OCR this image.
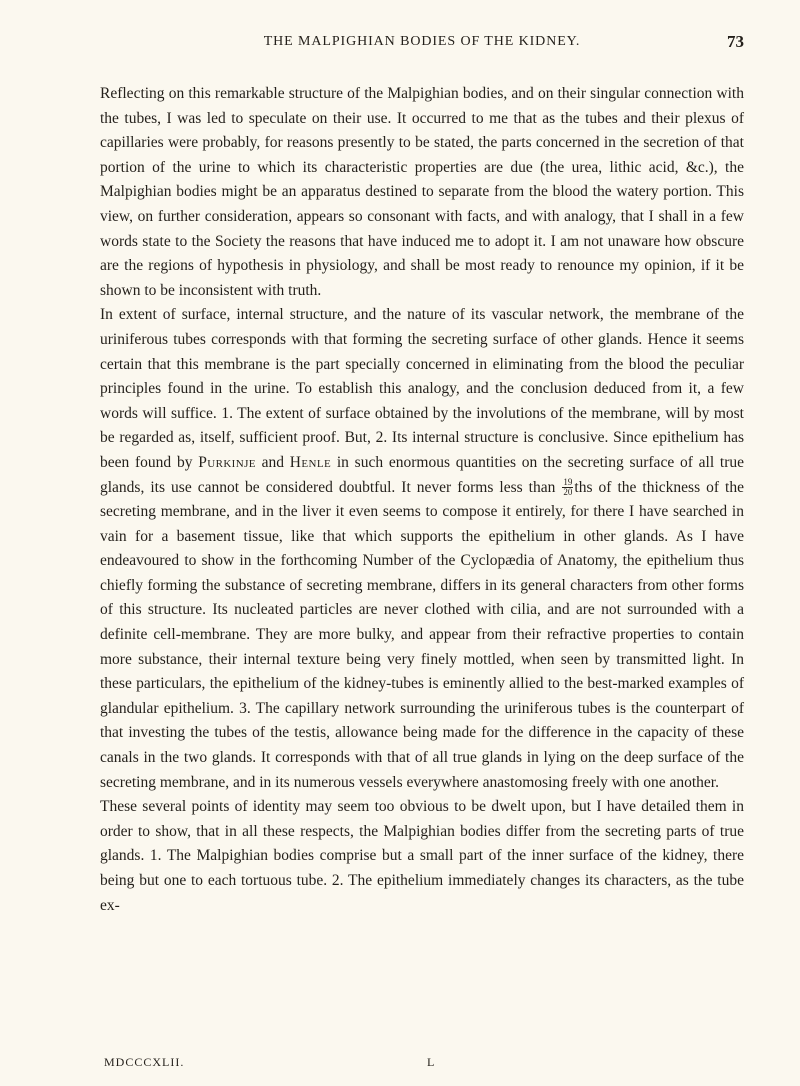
THE MALPIGHIAN BODIES OF THE KIDNEY.	73

Reflecting on this remarkable structure of the Malpighian bodies, and on their singular connection with the tubes, I was led to speculate on their use. It occurred to me that as the tubes and their plexus of capillaries were probably, for reasons presently to be stated, the parts concerned in the secretion of that portion of the urine to which its characteristic properties are due (the urea, lithic acid, &c.), the Malpighian bodies might be an apparatus destined to separate from the blood the watery portion. This view, on further consideration, appears so consonant with facts, and with analogy, that I shall in a few words state to the Society the reasons that have induced me to adopt it. I am not unaware how obscure are the regions of hypothesis in physiology, and shall be most ready to renounce my opinion, if it be shown to be inconsistent with truth.

In extent of surface, internal structure, and the nature of its vascular network, the membrane of the uriniferous tubes corresponds with that forming the secreting surface of other glands. Hence it seems certain that this membrane is the part specially concerned in eliminating from the blood the peculiar principles found in the urine. To establish this analogy, and the conclusion deduced from it, a few words will suffice. 1. The extent of surface obtained by the involutions of the membrane, will by most be regarded as, itself, sufficient proof. But, 2. Its internal structure is conclusive. Since epithelium has been found by Purkinje and Henle in such enormous quantities on the secreting surface of all true glands, its use cannot be considered doubtful. It never forms less than $\frac{19}{20}$ ths of the thickness of the secreting membrane, and in the liver it even seems to compose it entirely, for there I have searched in vain for a basement tissue, like that which supports the epithelium in other glands. As I have endeavoured to show in the forthcoming Number of the Cyclopædia of Anatomy, the epithelium thus chiefly forming the substance of secreting membrane, differs in its general characters from other forms of this structure. Its nucleated particles are never clothed with cilia, and are not surrounded with a definite cell-membrane. They are more bulky, and appear from their refractive properties to contain more substance, their internal texture being very finely mottled, when seen by transmitted light. In these particulars, the epithelium of the kidney-tubes is eminently allied to the best-marked examples of glandular epithelium. 3. The capillary network surrounding the uriniferous tubes is the counterpart of that investing the tubes of the testis, allowance being made for the difference in the capacity of these canals in the two glands. It corresponds with that of all true glands in lying on the deep surface of the secreting membrane, and in its numerous vessels everywhere anastomosing freely with one another.

These several points of identity may seem too obvious to be dwelt upon, but I have detailed them in order to show, that in all these respects, the Malpighian bodies differ from the secreting parts of true glands. 1. The Malpighian bodies comprise but a small part of the inner surface of the kidney, there being but one to each tortuous tube. 2. The epithelium immediately changes its characters, as the tube ex-

MDCCCXLII.	L
